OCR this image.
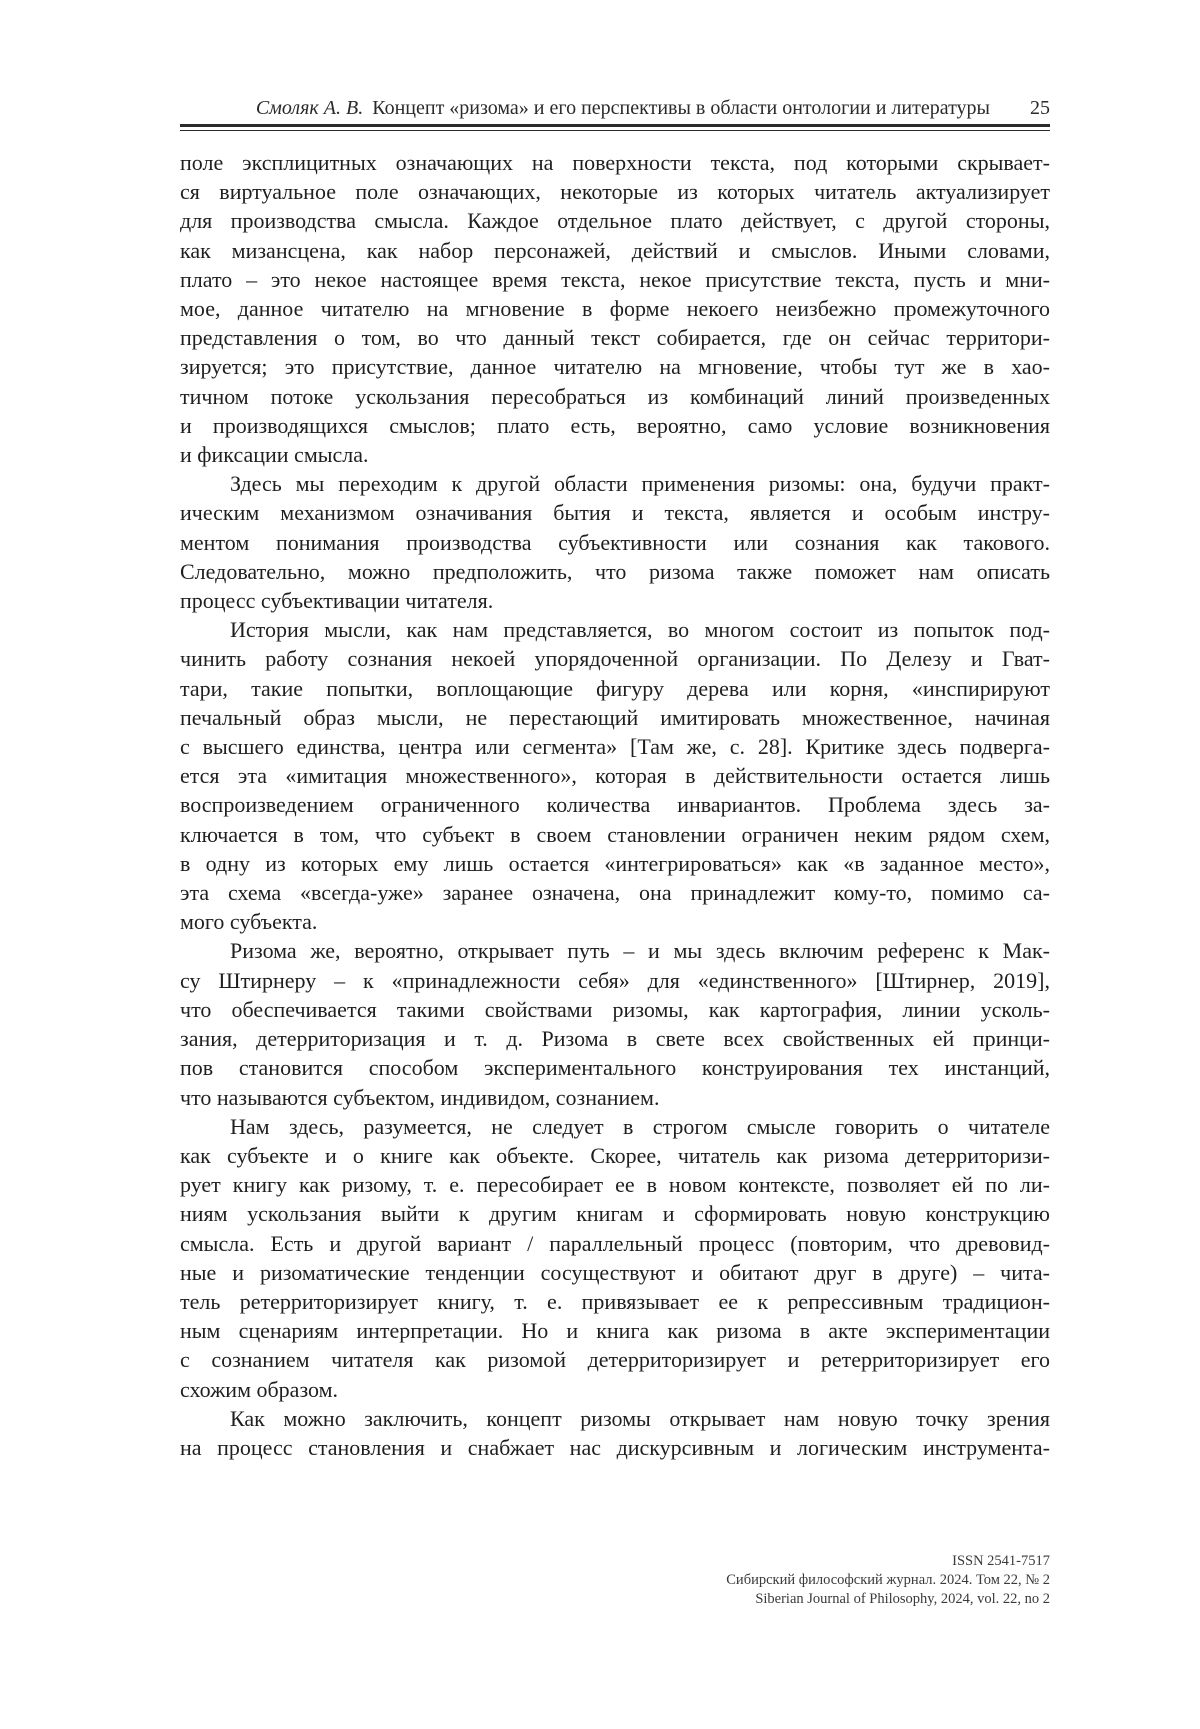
Смоляк А. В. Концепт «ризома» и его перспективы в области онтологии и литературы 25

поле эксплицитных означающих на поверхности текста, под которыми скрывает-
ся виртуальное поле означающих, некоторые из которых читатель актуализирует
для производства смысла. Каждое отдельное плато действует, с другой стороны,
как мизансцена, как набор персонажей, действий и смыслов. Иными словами,
плато – это некое настоящее время текста, некое присутствие текста, пусть и мни-
мое, данное читателю на мгновение в форме некоего неизбежно промежуточного
представления о том, во что данный текст собирается, где он сейчас территори-
зируется; это присутствие, данное читателю на мгновение, чтобы тут же в хао-
тичном потоке ускользания пересобраться из комбинаций линий произведенных
и производящихся смыслов; плато есть, вероятно, само условие возникновения
и фиксации смысла.

Здесь мы переходим к другой области применения ризомы: она, будучи практ-
ическим механизмом означивания бытия и текста, является и особым инстру-
ментом понимания производства субъективности или сознания как такового.
Следовательно, можно предположить, что ризома также поможет нам описать
процесс субъективации читателя.

История мысли, как нам представляется, во многом состоит из попыток под-
чинить работу сознания некоей упорядоченной организации. По Делезу и Гват-
тари, такие попытки, воплощающие фигуру дерева или корня, «инспирируют
печальный образ мысли, не перестающий имитировать множественное, начиная
с высшего единства, центра или сегмента» [Там же, с. 28]. Критике здесь подверга-
ется эта «имитация множественного», которая в действительности остается лишь
воспроизведением ограниченного количества инвариантов. Проблема здесь за-
ключается в том, что субъект в своем становлении ограничен неким рядом схем,
в одну из которых ему лишь остается «интегрироваться» как «в заданное место»,
эта схема «всегда-уже» заранее означена, она принадлежит кому-то, помимо са-
мого субъекта.

Ризома же, вероятно, открывает путь – и мы здесь включим референс к Мак-
су Штирнеру – к «принадлежности себя» для «единственного» [Штирнер, 2019],
что обеспечивается такими свойствами ризомы, как картография, линии усколь-
зания, детерриторизация и т. д. Ризома в свете всех свойственных ей принци-
пов становится способом экспериментального конструирования тех инстанций,
что называются субъектом, индивидом, сознанием.

Нам здесь, разумеется, не следует в строгом смысле говорить о читателе
как субъекте и о книге как объекте. Скорее, читатель как ризома детерриторизи-
рует книгу как ризому, т. е. пересобирает ее в новом контексте, позволяет ей по ли-
ниям ускользания выйти к другим книгам и сформировать новую конструкцию
смысла. Есть и другой вариант / параллельный процесс (повторим, что древовид-
ные и ризоматические тенденции сосуществуют и обитают друг в друге) – чита-
тель ретерриторизирует книгу, т. е. привязывает ее к репрессивным традицион-
ным сценариям интерпретации. Но и книга как ризома в акте экспериментации
с сознанием читателя как ризомой детерриторизирует и ретерриторизирует его
схожим образом.

Как можно заключить, концепт ризомы открывает нам новую точку зрения
на процесс становления и снабжает нас дискурсивным и логическим инструмента-

ISSN 2541-7517
Сибирский философский журнал. 2024. Том 22, № 2
Siberian Journal of Philosophy, 2024, vol. 22, no 2
